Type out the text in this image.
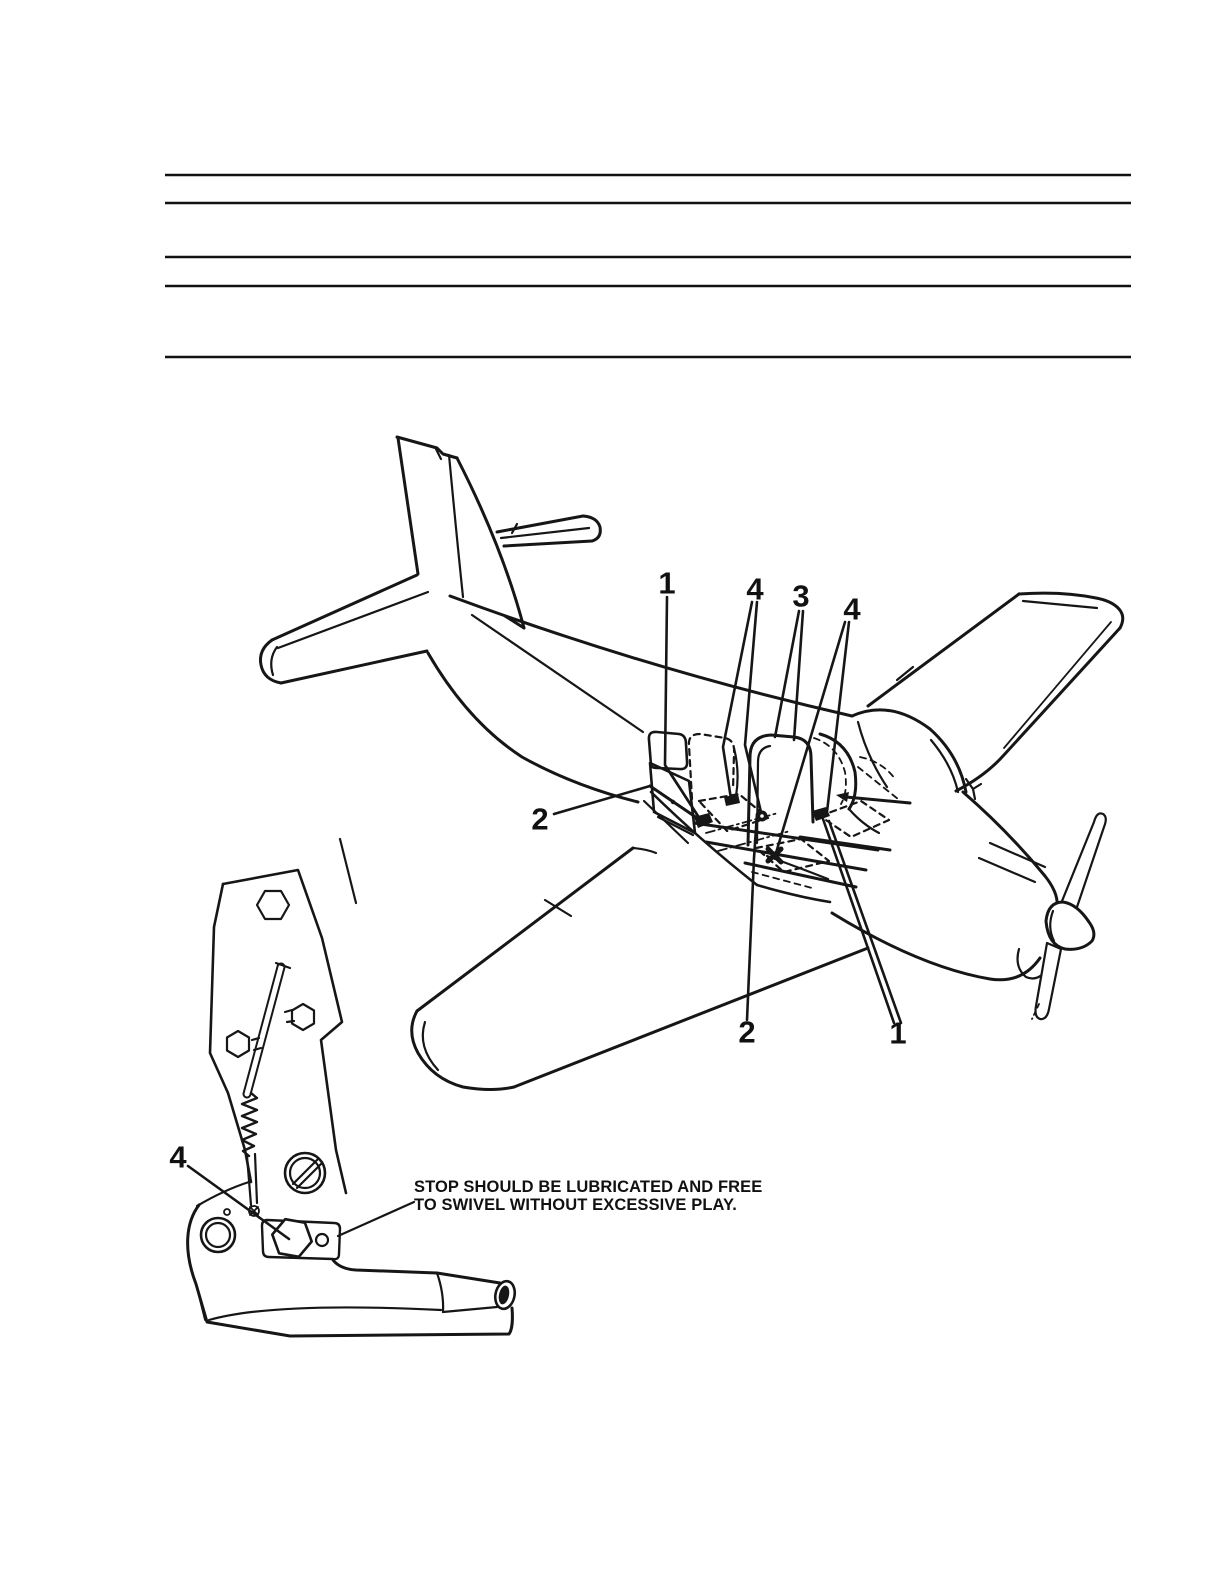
1 4 3 4
2
2	1
4
STOP SHOULD BE LUBRICATED AND FREE
TO SWIVEL WITHOUT EXCESSIVE PLAY.
